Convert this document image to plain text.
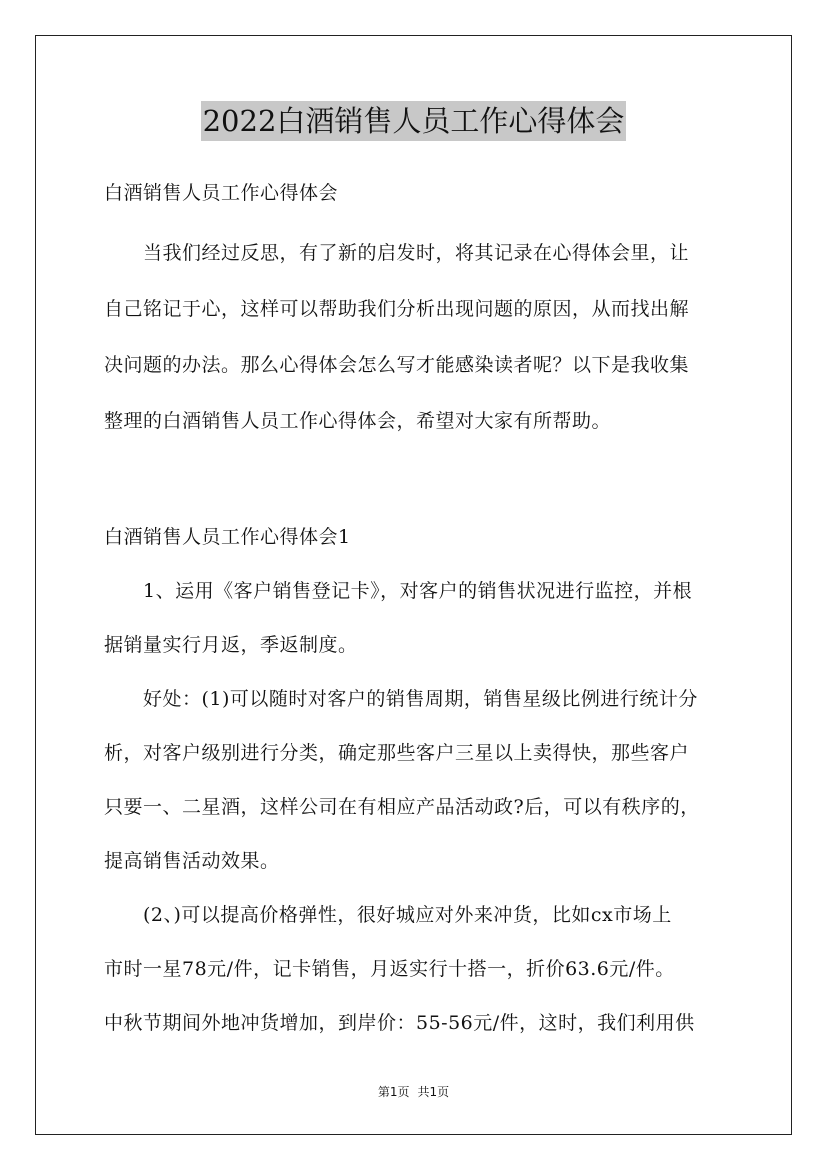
2022白酒销售人员工作心得体会
白酒销售人员工作心得体会
　　当我们经过反思，有了新的启发时，将其记录在心得体会里，让
自己铭记于心，这样可以帮助我们分析出现问题的原因，从而找出解
决问题的办法。那么心得体会怎么写才能感染读者呢？以下是我收集
整理的白酒销售人员工作心得体会，希望对大家有所帮助。
白酒销售人员工作心得体会1
　　1、运用《客户销售登记卡》，对客户的销售状况进行监控，并根
据销量实行月返，季返制度。
　　好处：(1)可以随时对客户的销售周期，销售星级比例进行统计分
析，对客户级别进行分类，确定那些客户三星以上卖得快，那些客户
只要一、二星酒，这样公司在有相应产品活动政?后，可以有秩序的，
提高销售活动效果。
　　(2、)可以提高价格弹性，很好城应对外来冲货，比如cx市场上
市时一星78元/件，记卡销售，月返实行十搭一，折价63.6元/件。
中秋节期间外地冲货增加，到岸价：55-56元/件，这时，我们利用供
第1页 共1页
